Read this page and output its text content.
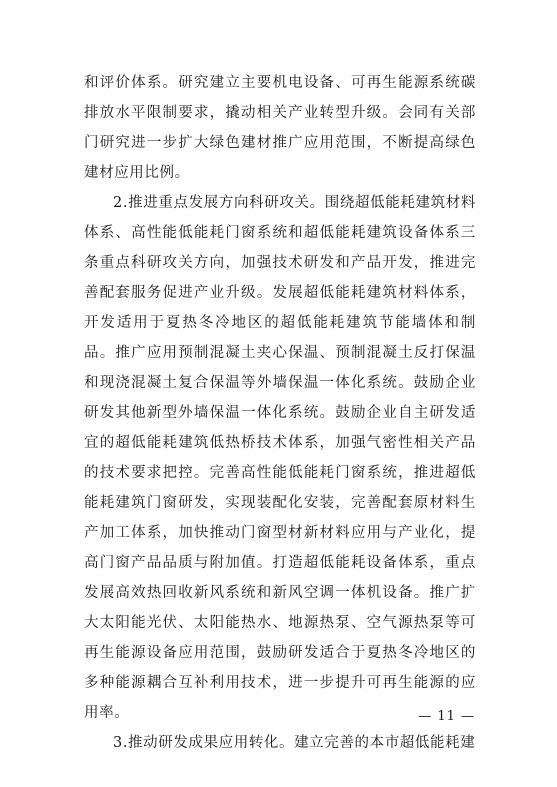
和评价体系。研究建立主要机电设备、可再生能源系统碳排放水平限制要求，撬动相关产业转型升级。会同有关部门研究进一步扩大绿色建材推广应用范围，不断提高绿色建材应用比例。

2.推进重点发展方向科研攻关。围绕超低能耗建筑材料体系、高性能低能耗门窗系统和超低能耗建筑设备体系三条重点科研攻关方向，加强技术研发和产品开发，推进完善配套服务促进产业升级。发展超低能耗建筑材料体系，开发适用于夏热冬冷地区的超低能耗建筑节能墙体和制品。推广应用预制混凝土夹心保温、预制混凝土反打保温和现浇混凝土复合保温等外墙保温一体化系统。鼓励企业研发其他新型外墙保温一体化系统。鼓励企业自主研发适宜的超低能耗建筑低热桥技术体系，加强气密性相关产品的技术要求把控。完善高性能低能耗门窗系统，推进超低能耗建筑门窗研发，实现装配化安装，完善配套原材料生产加工体系，加快推动门窗型材新材料应用与产业化，提高门窗产品品质与附加值。打造超低能耗设备体系，重点发展高效热回收新风系统和新风空调一体机设备。推广扩大太阳能光伏、太阳能热水、地源热泵、空气源热泵等可再生能源设备应用范围，鼓励研发适合于夏热冬冷地区的多种能源耦合互补利用技术，进一步提升可再生能源的应用率。

3.推动研发成果应用转化。建立完善的本市超低能耗建

— 11 —
